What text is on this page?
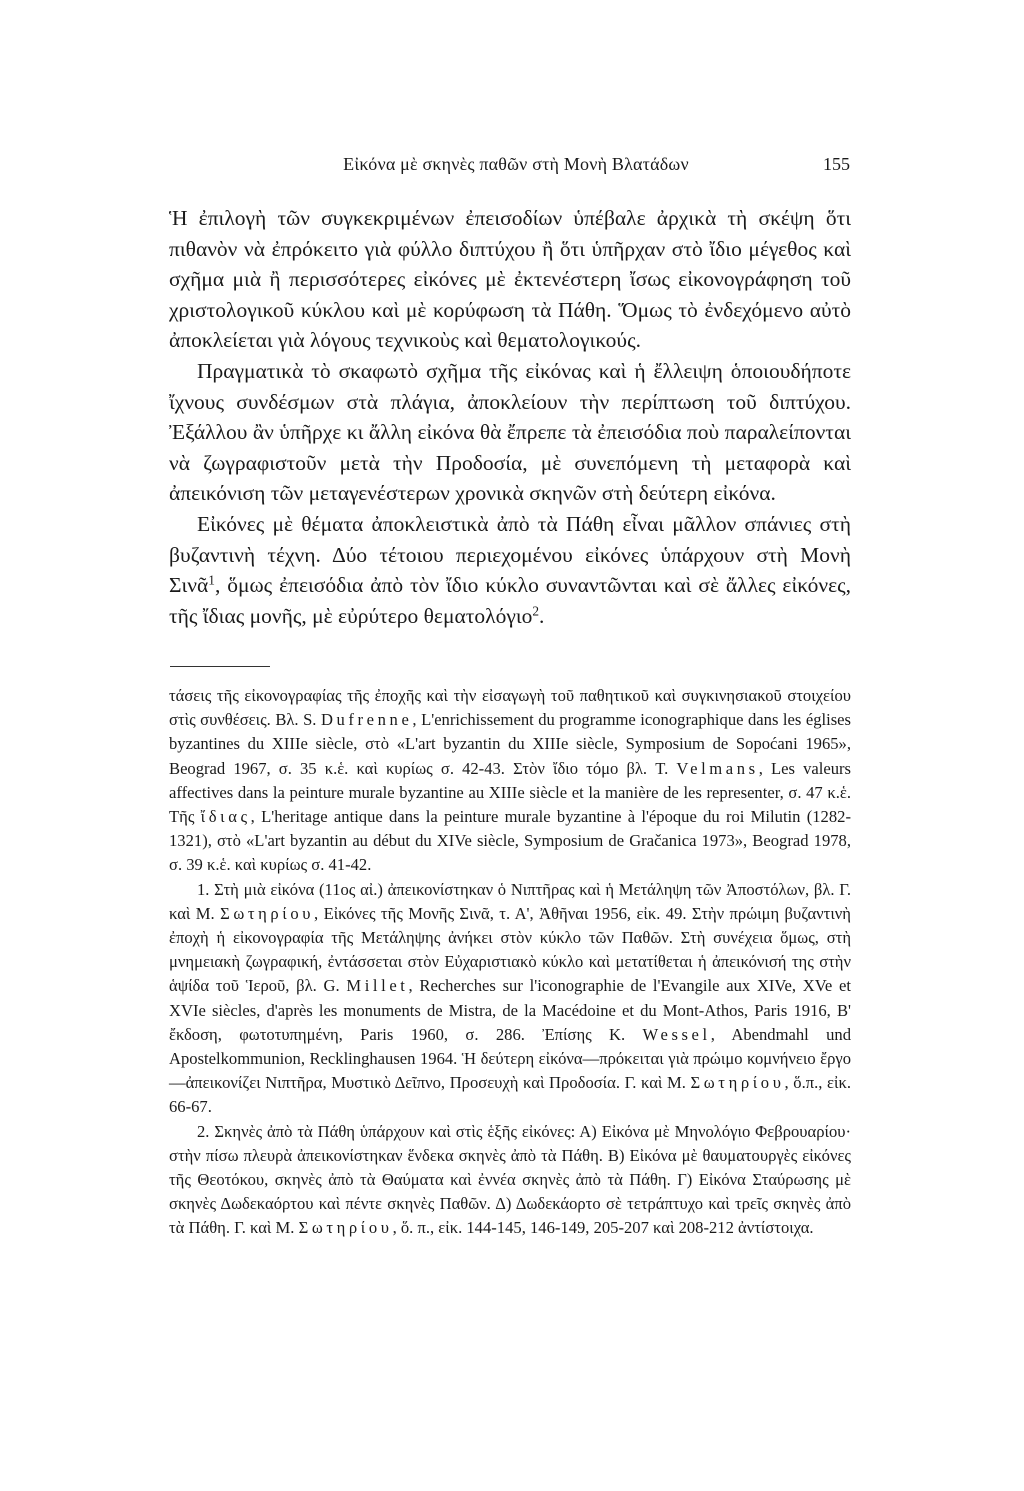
Εἰκόνα μὲ σκηνὲς παθῶν στὴ Μονὴ Βλατάδων	155

Ἡ ἐπιλογὴ τῶν συγκεκριμένων ἐπεισοδίων ὑπέβαλε ἀρχικὰ τὴ σκέψη ὅτι πιθανὸν νὰ ἐπρόκειτο γιὰ φύλλο διπτύχου ἢ ὅτι ὑπῆρχαν στὸ ἴδιο μέγεθος καὶ σχῆμα μιὰ ἢ περισσότερες εἰκόνες μὲ ἐκτενέστερη ἴσως εἰκονογράφηση τοῦ χριστολογικοῦ κύκλου καὶ μὲ κορύφωση τὰ Πάθη. Ὅμως τὸ ἐνδεχόμενο αὐτὸ ἀποκλείεται γιὰ λόγους τεχνικοὺς καὶ θεματολογικούς.

Πραγματικὰ τὸ σκαφωτὸ σχῆμα τῆς εἰκόνας καὶ ἡ ἔλλειψη ὁποιουδήποτε ἴχνους συνδέσμων στὰ πλάγια, ἀποκλείουν τὴν περίπτωση τοῦ διπτύχου. Ἐξάλλου ἂν ὑπῆρχε κι ἄλλη εἰκόνα θὰ ἔπρεπε τὰ ἐπεισόδια ποὺ παραλείπονται νὰ ζωγραφιστοῦν μετὰ τὴν Προδοσία, μὲ συνεπόμενη τὴ μεταφορὰ καὶ ἀπεικόνιση τῶν μεταγενέστερων χρονικὰ σκηνῶν στὴ δεύτερη εἰκόνα.

Εἰκόνες μὲ θέματα ἀποκλειστικὰ ἀπὸ τὰ Πάθη εἶναι μᾶλλον σπάνιες στὴ βυζαντινὴ τέχνη. Δύο τέτοιου περιεχομένου εἰκόνες ὑπάρχουν στὴ Μονὴ Σινᾶ$^1$, ὅμως ἐπεισόδια ἀπὸ τὸν ἴδιο κύκλο συναντῶνται καὶ σὲ ἄλλες εἰκόνες, τῆς ἴδιας μονῆς, μὲ εὐρύτερο θεματολόγιο$^2$.

τάσεις τῆς εἰκονογραφίας τῆς ἐποχῆς καὶ τὴν εἰσαγωγὴ τοῦ παθητικοῦ καὶ συγκινησιακοῦ στοιχείου στὶς συνθέσεις. Βλ. S. Dufrenne, L'enrichissement du programme iconographique dans les églises byzantines du XIIIe siècle, στὸ «L'art byzantin du XIIIe siècle, Symposium de Sopoćani 1965», Beograd 1967, σ. 35 κ.ἑ. καὶ κυρίως σ. 42-43. Στὸν ἴδιο τόμο βλ. T. Velmans, Les valeurs affectives dans la peinture murale byzantine au XIIIe siècle et la manière de les representer, σ. 47 κ.ἑ. Τῆς ἴδιας, L'heritage antique dans la peinture murale byzantine à l'époque du roi Milutin (1282-1321), στὸ «L'art byzantin au début du XIVe siècle, Symposium de Gračanica 1973», Beograd 1978, σ. 39 κ.ἑ. καὶ κυρίως σ. 41-42.

1. Στὴ μιὰ εἰκόνα (11ος αἰ.) ἀπεικονίστηκαν ὁ Νιπτῆρας καὶ ἡ Μετάληψη τῶν Ἀποστόλων, βλ. Γ. καὶ Μ. Σωτηρίου, Εἰκόνες τῆς Μονῆς Σινᾶ, τ. Α', Ἀθῆναι 1956, εἰκ. 49. Στὴν πρώιμη βυζαντινὴ ἐποχὴ ἡ εἰκονογραφία τῆς Μετάληψης ἀνήκει στὸν κύκλο τῶν Παθῶν. Στὴ συνέχεια ὅμως, στὴ μνημειακὴ ζωγραφική, ἐντάσσεται στὸν Εὐχαριστιακὸ κύκλο καὶ μετατίθεται ἡ ἀπεικόνισή της στὴν ἁψίδα τοῦ Ἱεροῦ, βλ. G. Millet, Recherches sur l'iconographie de l'Evangile aux XIVe, XVe et XVIe siècles, d'après les monuments de Mistra, de la Macédoine et du Mont-Athos, Paris 1916, Β' ἔκδοση, φωτοτυπημένη, Paris 1960, σ. 286. Ἐπίσης K. Wessel, Abendmahl und Apostelkommunion, Recklinghausen 1964. Ἡ δεύτερη εἰκόνα—πρόκειται γιὰ πρώιμο κομνήνειο ἔργο—ἀπεικονίζει Νιπτῆρα, Μυστικὸ Δεῖπνο, Προσευχὴ καὶ Προδοσία. Γ. καὶ Μ. Σωτηρίου, ὅ.π., εἰκ. 66-67.

2. Σκηνὲς ἀπὸ τὰ Πάθη ὑπάρχουν καὶ στὶς ἑξῆς εἰκόνες: Α) Εἰκόνα μὲ Μηνολόγιο Φεβρουαρίου· στὴν πίσω πλευρὰ ἀπεικονίστηκαν ἕνδεκα σκηνὲς ἀπὸ τὰ Πάθη. Β) Εἰκόνα μὲ θαυματουργὲς εἰκόνες τῆς Θεοτόκου, σκηνὲς ἀπὸ τὰ Θαύματα καὶ ἐννέα σκηνὲς ἀπὸ τὰ Πάθη. Γ) Εἰκόνα Σταύρωσης μὲ σκηνὲς Δωδεκαόρτου καὶ πέντε σκηνὲς Παθῶν. Δ) Δωδεκάορτο σὲ τετράπτυχο καὶ τρεῖς σκηνὲς ἀπὸ τὰ Πάθη. Γ. καὶ Μ. Σωτηρίου, ὅ. π., εἰκ. 144-145, 146-149, 205-207 καὶ 208-212 ἀντίστοιχα.
